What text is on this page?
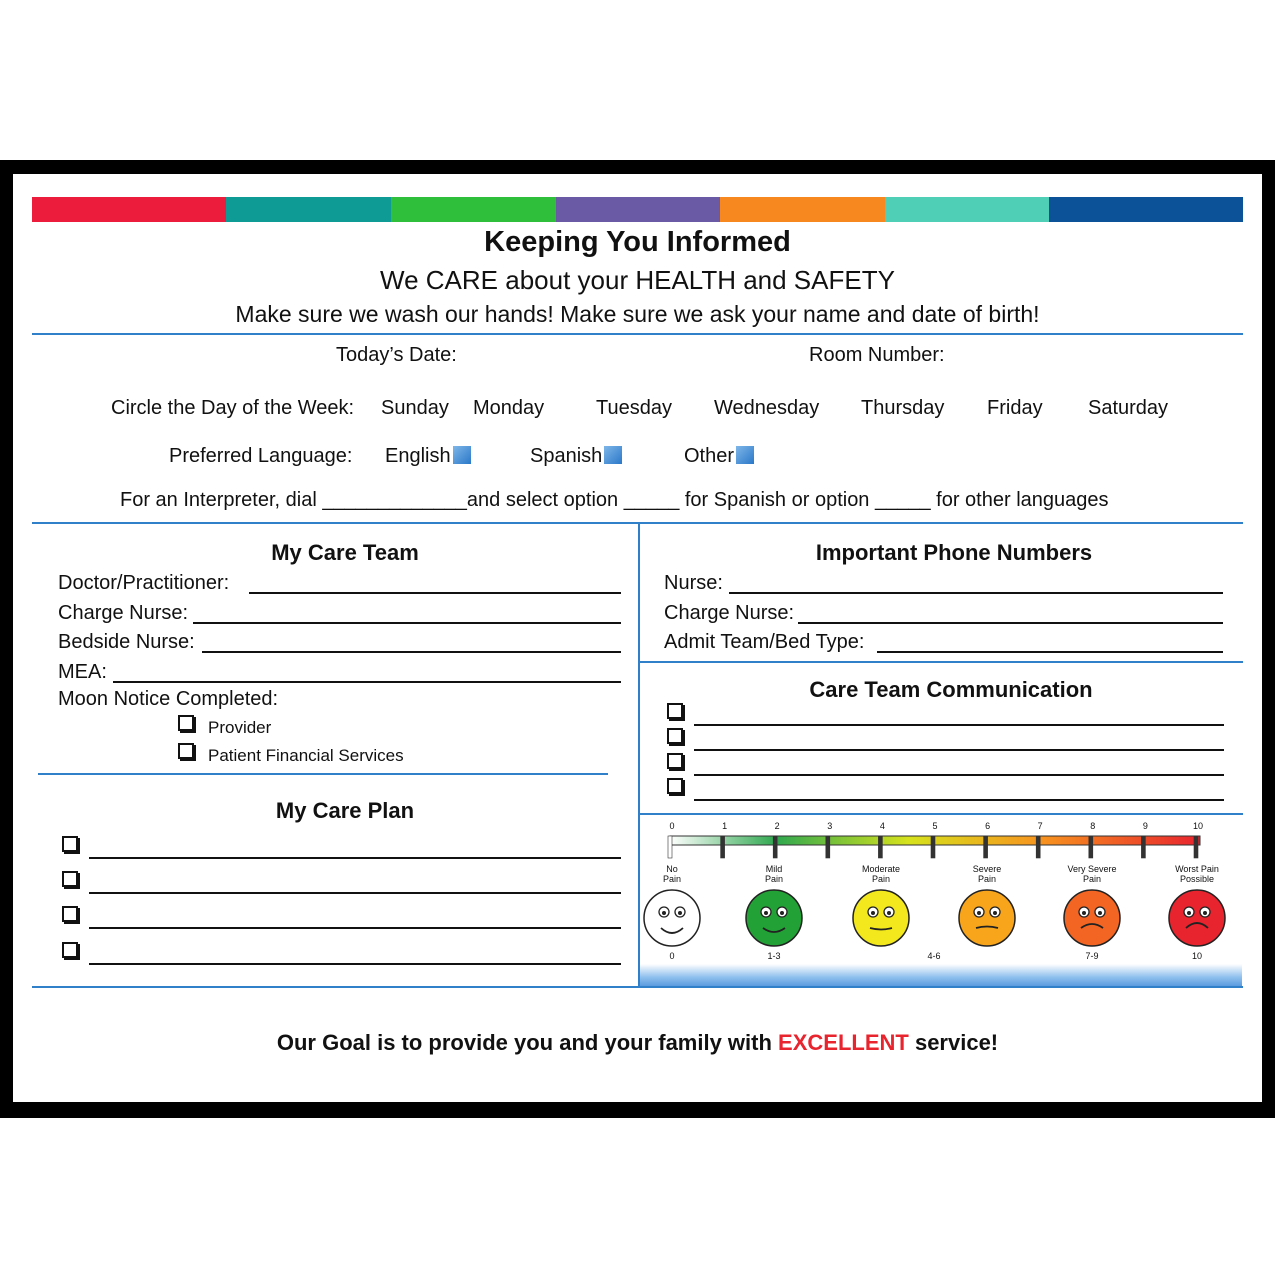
Keeping You Informed
We CARE about your HEALTH and SAFETY
Make sure we wash our hands! Make sure we ask your name and date of birth!
Today’s Date:	Room Number:
Circle the Day of the Week: Sunday Monday	Tuesday Wednesday Thursday Friday Saturday
Preferred Language: English	Spanish	Other
For an Interpreter, dial _____________and select option _____ for Spanish or option _____ for other languages
My Care Team
Doctor/Practitioner:
Charge Nurse:
Bedside Nurse:
MEA:
Moon Notice Completed:
Provider
Patient Financial Services
My Care Plan
Important Phone Numbers
Nurse:
Charge Nurse:
Admit Team/Bed Type:
Care Team Communication
0	1	2	3	4	5	6	7	8	9	10
No
Pain
Mild
Pain
Moderate
Pain
Severe
Pain
Very Severe
Pain
Worst Pain
Possible
0	1-3	4-6	7-9	10
Our Goal is to provide you and your family with EXCELLENT service!
